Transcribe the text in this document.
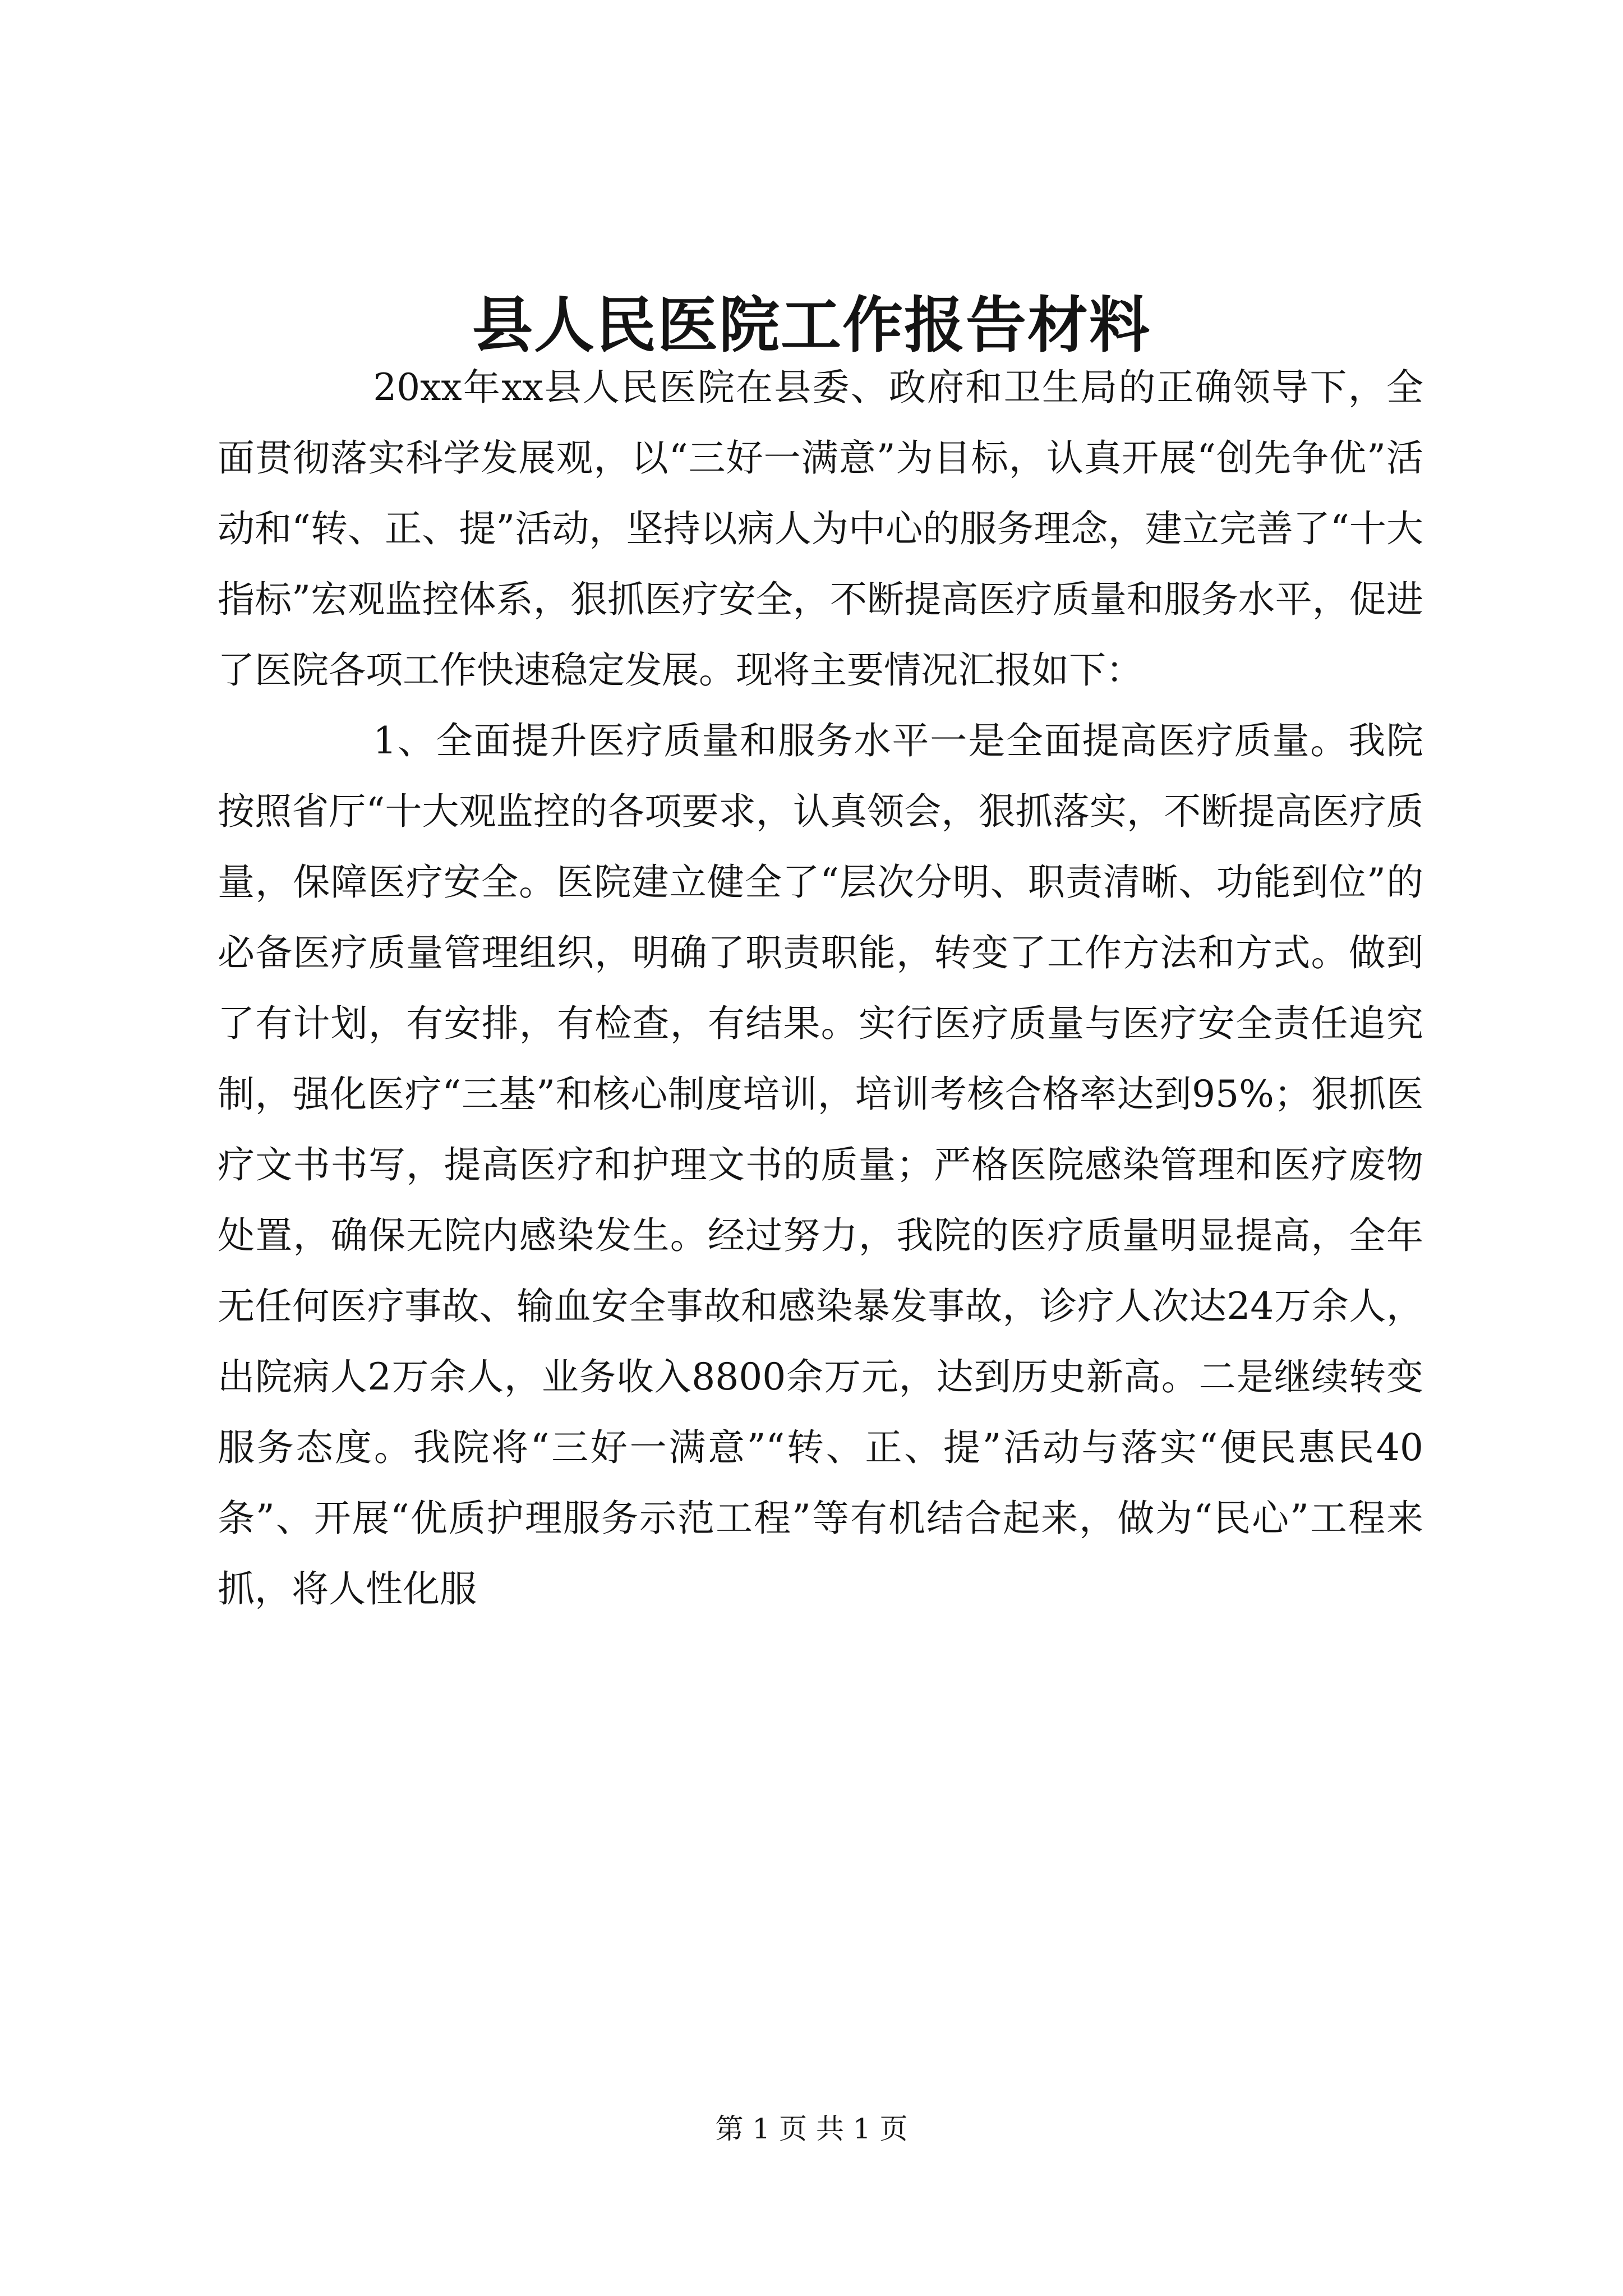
县人民医院工作报告材料

20xx年xx县人民医院在县委、政府和卫生局的正确领导下，全面贯彻落实科学发展观，以“三好一满意”为目标，认真开展“创先争优”活动和“转、正、提”活动，坚持以病人为中心的服务理念，建立完善了“十大指标”宏观监控体系，狠抓医疗安全，不断提高医疗质量和服务水平，促进了医院各项工作快速稳定发展。现将主要情况汇报如下：

1、全面提升医疗质量和服务水平一是全面提高医疗质量。我院按照省厅“十大观监控的各项要求，认真领会，狠抓落实，不断提高医疗质量，保障医疗安全。医院建立健全了“层次分明、职责清晰、功能到位”的必备医疗质量管理组织，明确了职责职能，转变了工作方法和方式。做到了有计划，有安排，有检查，有结果。实行医疗质量与医疗安全责任追究制，强化医疗“三基”和核心制度培训，培训考核合格率达到95%；狠抓医疗文书书写，提高医疗和护理文书的质量；严格医院感染管理和医疗废物处置，确保无院内感染发生。经过努力，我院的医疗质量明显提高，全年无任何医疗事故、输血安全事故和感染暴发事故，诊疗人次达24万余人，出院病人2万余人，业务收入8800余万元，达到历史新高。二是继续转变服务态度。我院将“三好一满意”“转、正、提”活动与落实“便民惠民40条”、开展“优质护理服务示范工程”等有机结合起来，做为“民心”工程来抓，将人性化服

第 1 页 共 1 页
